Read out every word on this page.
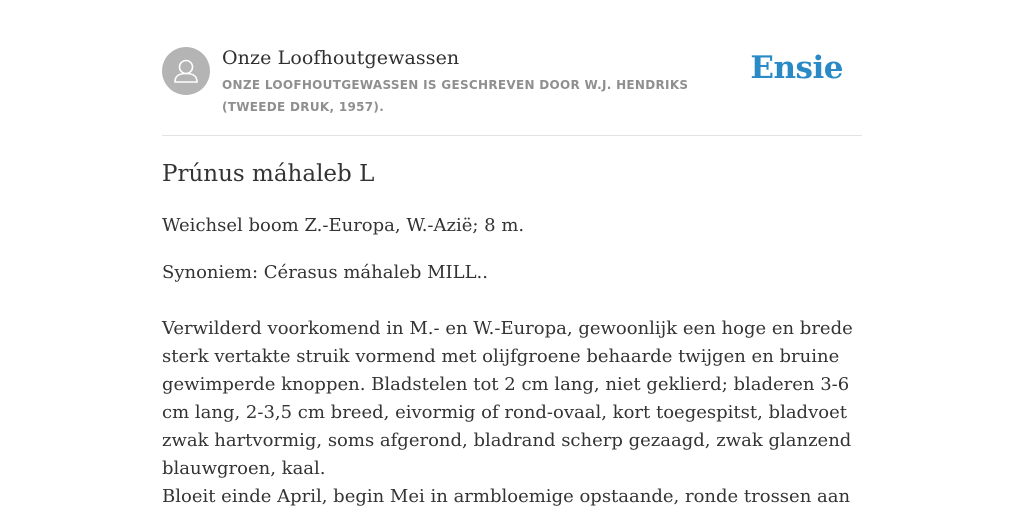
Onze Loofhoutgewassen
ONZE LOOFHOUTGEWASSEN IS GESCHREVEN DOOR W.J. HENDRIKS (TWEEDE DRUK, 1957).
Ensie
Prúnus máhaleb L
Weichsel boom Z.-Europa, W.-Azië; 8 m.
Synoniem: Cérasus máhaleb MILL..

Verwilderd voorkomend in M.- en W.-Europa, gewoonlijk een hoge en brede sterk vertakte struik vormend met olijfgroene behaarde twijgen en bruine gewimperde knoppen. Bladstelen tot 2 cm lang, niet geklierd; bladeren 3-6 cm lang, 2-3,5 cm breed, eivormig of rond-ovaal, kort toegespitst, bladvoet zwak hartvormig, soms afgerond, bladrand scherp gezaagd, zwak glanzend blauwgroen, kaal.

Bloeit einde April, begin Mei in armbloemige opstaande, ronde trossen aan
